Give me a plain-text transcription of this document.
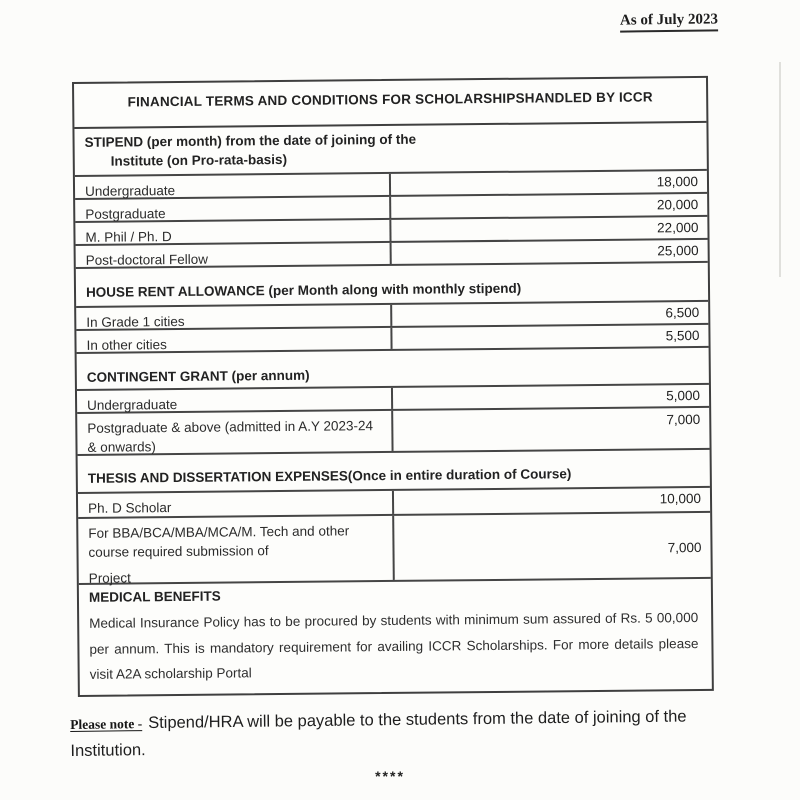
As of July 2023
FINANCIAL TERMS AND CONDITIONS FOR SCHOLARSHIPSHANDLED BY ICCR
STIPEND (per month) from the date of joining of the
Institute (on Pro-rata-basis)
Undergraduate
18,000
Postgraduate
20,000
M. Phil / Ph. D
22,000
Post-doctoral Fellow
25,000
HOUSE RENT ALLOWANCE (per Month along with monthly stipend)
In Grade 1 cities
6,500
In other cities
5,500
CONTINGENT GRANT (per annum)
Undergraduate
5,000
Postgraduate & above (admitted in A.Y 2023-24 & onwards)
7,000
THESIS AND DISSERTATION EXPENSES(Once in entire duration of Course)
Ph. D Scholar
10,000
For BBA/BCA/MBA/MCA/M. Tech and other course required submission of
Project
7,000
MEDICAL BENEFITS
Medical Insurance Policy has to be procured by students with minimum sum assured of Rs. 5 00,000 per annum. This is mandatory requirement for availing ICCR Scholarships. For more details please visit A2A scholarship Portal
Please note - Stipend/HRA will be payable to the students from the date of joining of the Institution.
****
